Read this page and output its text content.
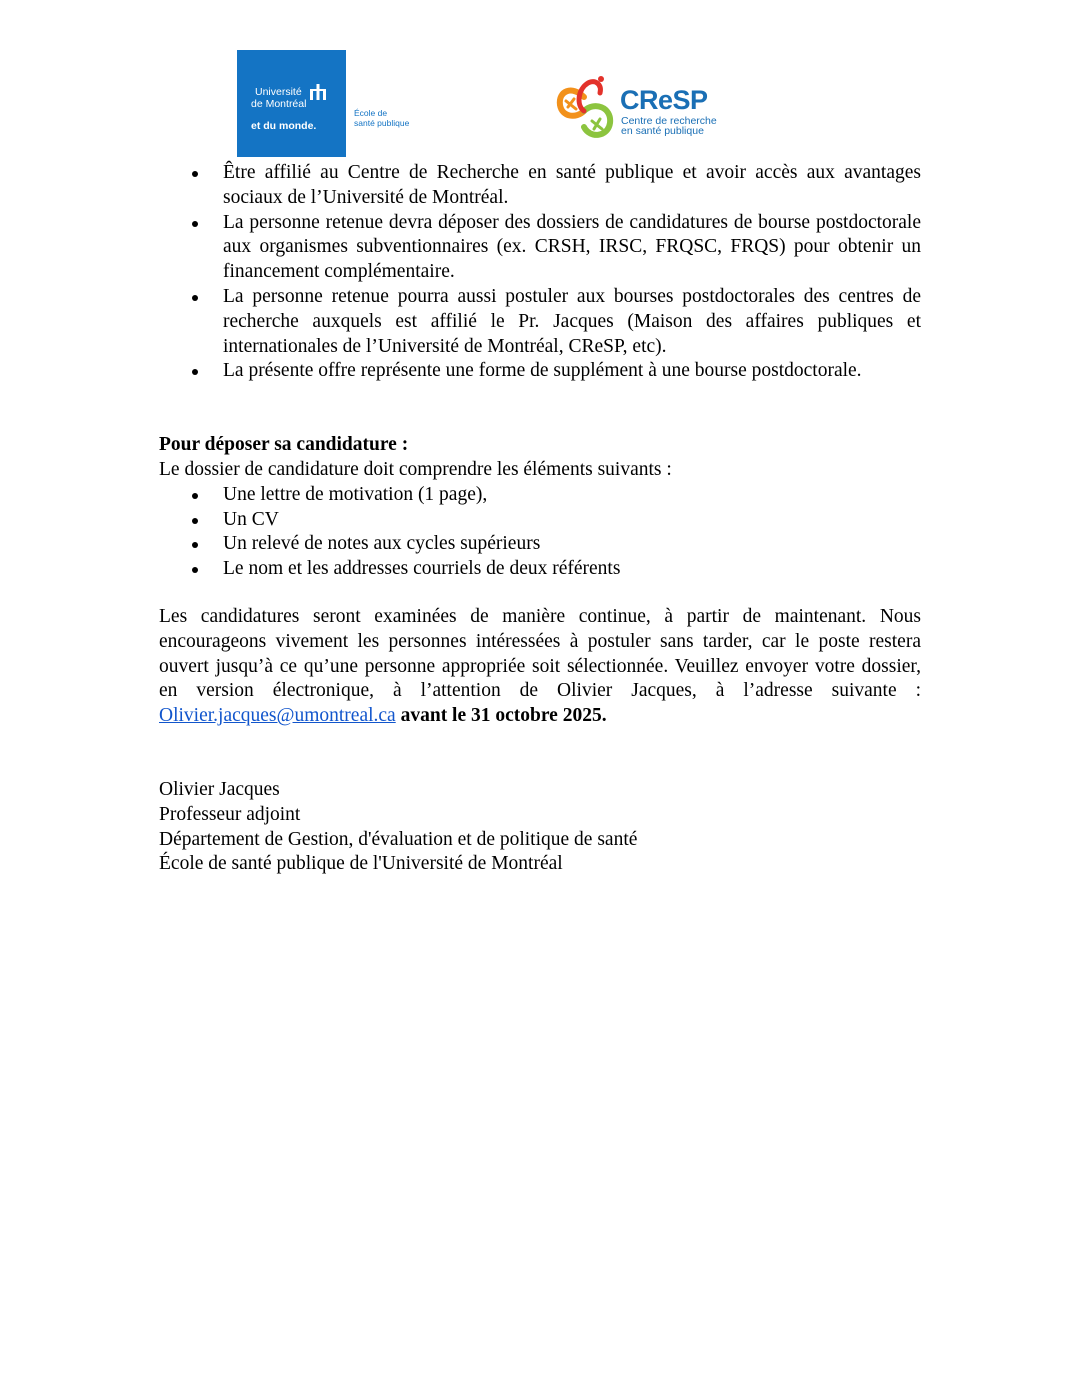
Université
de Montréal
et du monde.
École de
santé publique
CReSP
Centre de recherche
en santé publique
Être affilié au Centre de Recherche en santé publique et avoir accès aux avantages sociaux de l’Université de Montréal.
La personne retenue devra déposer des dossiers de candidatures de bourse postdoctorale aux organismes subventionnaires (ex. CRSH, IRSC, FRQSC, FRQS) pour obtenir un financement complémentaire.
La personne retenue pourra aussi postuler aux bourses postdoctorales des centres de recherche auxquels est affilié le Pr. Jacques (Maison des affaires publiques et internationales de l’Université de Montréal, CReSP, etc).
La présente offre représente une forme de supplément à une bourse postdoctorale.

Pour déposer sa candidature :

Le dossier de candidature doit comprendre les éléments suivants :

Une lettre de motivation (1 page),
Un CV
Un relevé de notes aux cycles supérieurs
Le nom et les addresses courriels de deux référents

Les candidatures seront examinées de manière continue, à partir de maintenant. Nous encourageons vivement les personnes intéressées à postuler sans tarder, car le poste restera ouvert jusqu’à ce qu’une personne appropriée soit sélectionnée. Veuillez envoyer votre dossier, en version électronique, à l’attention de Olivier Jacques, à l’adresse suivante : Olivier.jacques@umontreal.ca avant le 31 octobre 2025.

Olivier Jacques
Professeur adjoint
Département de Gestion, d'évaluation et de politique de santé
École de santé publique de l'Université de Montréal
